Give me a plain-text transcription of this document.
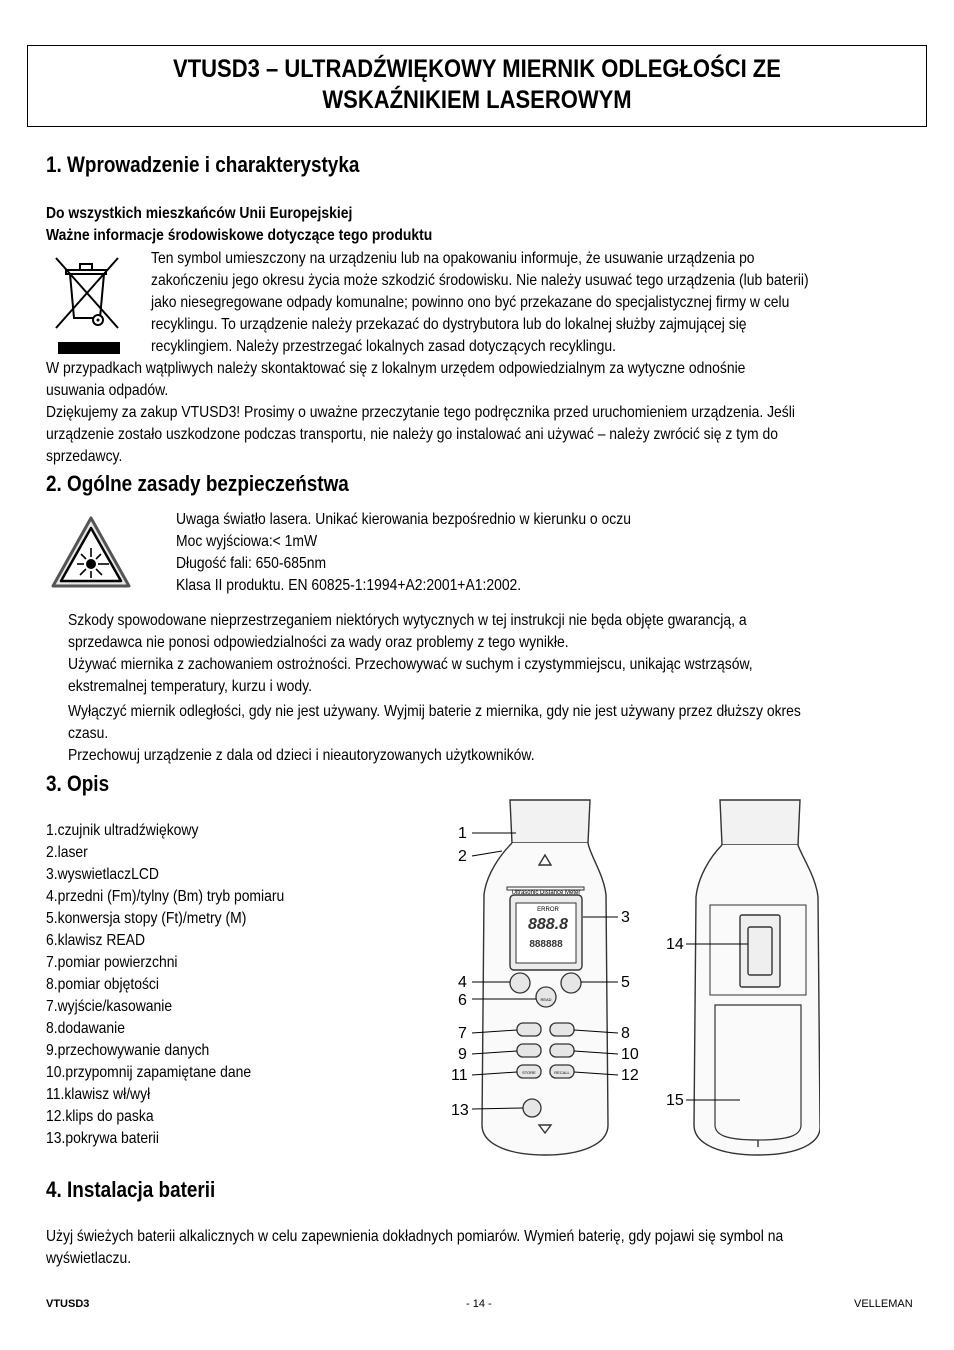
VTUSD3 – ULTRADŹWIĘKOWY MIERNIK ODLEGŁOŚCI ZE
WSKAŹNIKIEM LASEROWYM
1. Wprowadzenie i charakterystyka
Do wszystkich mieszkańców Unii Europejskiej
Ważne informacje środowiskowe dotyczące tego produktu
Ten symbol umieszczony na urządzeniu lub na opakowaniu informuje, że usuwanie urządzenia po
zakończeniu jego okresu życia może szkodzić środowisku. Nie należy usuwać tego urządzenia (lub baterii)
jako niesegregowane odpady komunalne; powinno ono być przekazane do specjalistycznej firmy w celu
recyklingu. To urządzenie należy przekazać do dystrybutora lub do lokalnej służby zajmującej się
recyklingiem. Należy przestrzegać lokalnych zasad dotyczących recyklingu.
W przypadkach wątpliwych należy skontaktować się z lokalnym urzędem odpowiedzialnym za wytyczne odnośnie
usuwania odpadów.
Dziękujemy za zakup VTUSD3! Prosimy o uważne przeczytanie tego podręcznika przed uruchomieniem urządzenia. Jeśli
urządzenie zostało uszkodzone podczas transportu, nie należy go instalować ani używać – należy zwrócić się z tym do
sprzedawcy.
2. Ogólne zasady bezpieczeństwa
Uwaga światło lasera. Unikać kierowania bezpośrednio w kierunku o oczu
Moc wyjściowa:< 1mW
Długość fali: 650-685nm
Klasa II produktu. EN 60825-1:1994+A2:2001+A1:2002.
Szkody spowodowane nieprzestrzeganiem niektórych wytycznych w tej instrukcji nie będa objęte gwarancją, a
sprzedawca nie ponosi odpowiedzialności za wady oraz problemy z tego wynikłe.
Używać miernika z zachowaniem ostrożności. Przechowywać w suchym i czystymmiejscu, unikając wstrząsów,
ekstremalnej temperatury, kurzu i wody.
Wyłączyć miernik odległości, gdy nie jest używany. Wyjmij baterie z miernika, gdy nie jest używany przez dłuższy okres
czasu.
Przechowuj urządzenie z dala od dzieci i nieautoryzowanych użytkowników.
3. Opis
1.czujnik ultradźwiękowy
2.laser
3.wyswietlaczLCD
4.przedni (Fm)/tylny (Bm) tryb pomiaru
5.konwersja stopy (Ft)/metry (M)
6.klawisz READ
7.pomiar powierzchni
8.pomiar objętości
7.wyjście/kasowanie
8.dodawanie
9.przechowywanie danych
10.przypomnij zapamiętane dane
11.klawisz wł/wył
12.klips do paska
13.pokrywa baterii
Ultrasonic Distance Meter
ERROR
888.8
888888
READ
STORE	RECALL
1
2
3
4	5
6
7	8
9	10
11	12
13
14
15
4. Instalacja baterii
Użyj świeżych baterii alkalicznych w celu zapewnienia dokładnych pomiarów. Wymień baterię, gdy pojawi się symbol na
wyświetlaczu.
VTUSD3	- 14 -	VELLEMAN
